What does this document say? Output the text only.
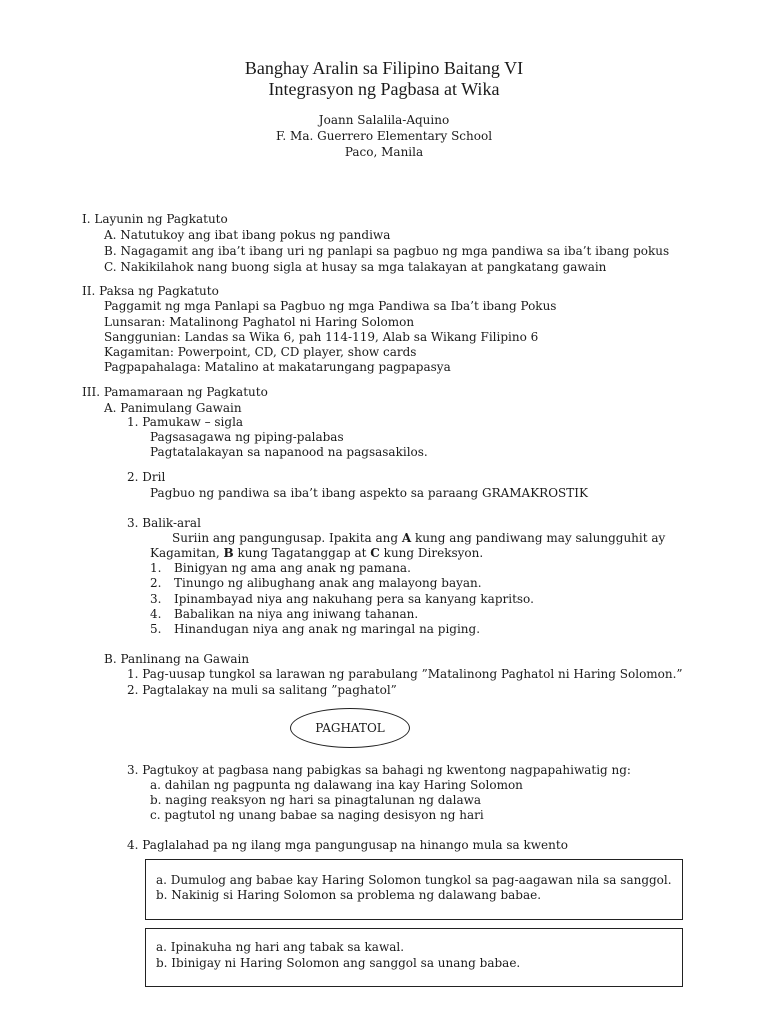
Banghay Aralin sa Filipino Baitang VI
Integrasyon ng Pagbasa at Wika
Joann Salalila-Aquino
F. Ma. Guerrero Elementary School
Paco, Manila
I. Layunin ng Pagkatuto
A. Natutukoy ang ibat ibang pokus ng pandiwa
B. Nagagamit ang iba’t ibang uri ng panlapi sa pagbuo ng mga pandiwa sa iba’t ibang pokus
C. Nakikilahok nang buong sigla at husay sa mga talakayan at pangkatang gawain
II. Paksa ng Pagkatuto
Paggamit ng mga Panlapi sa Pagbuo ng mga Pandiwa sa Iba’t ibang Pokus
Lunsaran: Matalinong Paghatol ni Haring Solomon
Sanggunian: Landas sa Wika 6, pah 114-119, Alab sa Wikang Filipino 6
Kagamitan: Powerpoint, CD, CD player, show cards
Pagpapahalaga: Matalino at makatarungang pagpapasya
III. Pamamaraan ng Pagkatuto
A. Panimulang Gawain
1. Pamukaw – sigla
Pagsasagawa ng piping-palabas
Pagtatalakayan sa napanood na pagsasakilos.
2. Dril
Pagbuo ng pandiwa sa iba’t ibang aspekto sa paraang GRAMAKROSTIK
3. Balik-aral
Suriin ang pangungusap. Ipakita ang A kung ang pandiwang may salungguhit ay
Kagamitan, B kung Tagatanggap at C kung Direksyon.
1. Binigyan ng ama ang anak ng pamana.
2. Tinungo ng alibughang anak ang malayong bayan.
3. Ipinambayad niya ang nakuhang pera sa kanyang kapritso.
4. Babalikan na niya ang iniwang tahanan.
5. Hinandugan niya ang anak ng maringal na piging.
B. Panlinang na Gawain
1. Pag-uusap tungkol sa larawan ng parabulang ”Matalinong Paghatol ni Haring Solomon.”
2. Pagtalakay na muli sa salitang ”paghatol”
PAGHATOL
3. Pagtukoy at pagbasa nang pabigkas sa bahagi ng kwentong nagpapahiwatig ng:
a. dahilan ng pagpunta ng dalawang ina kay Haring Solomon
b. naging reaksyon ng hari sa pinagtalunan ng dalawa
c. pagtutol ng unang babae sa naging desisyon ng hari
4. Paglalahad pa ng ilang mga pangungusap na hinango mula sa kwento
a. Dumulog ang babae kay Haring Solomon tungkol sa pag-aagawan nila sa sanggol.
b. Nakinig si Haring Solomon sa problema ng dalawang babae.
a. Ipinakuha ng hari ang tabak sa kawal.
b. Ibinigay ni Haring Solomon ang sanggol sa unang babae.
